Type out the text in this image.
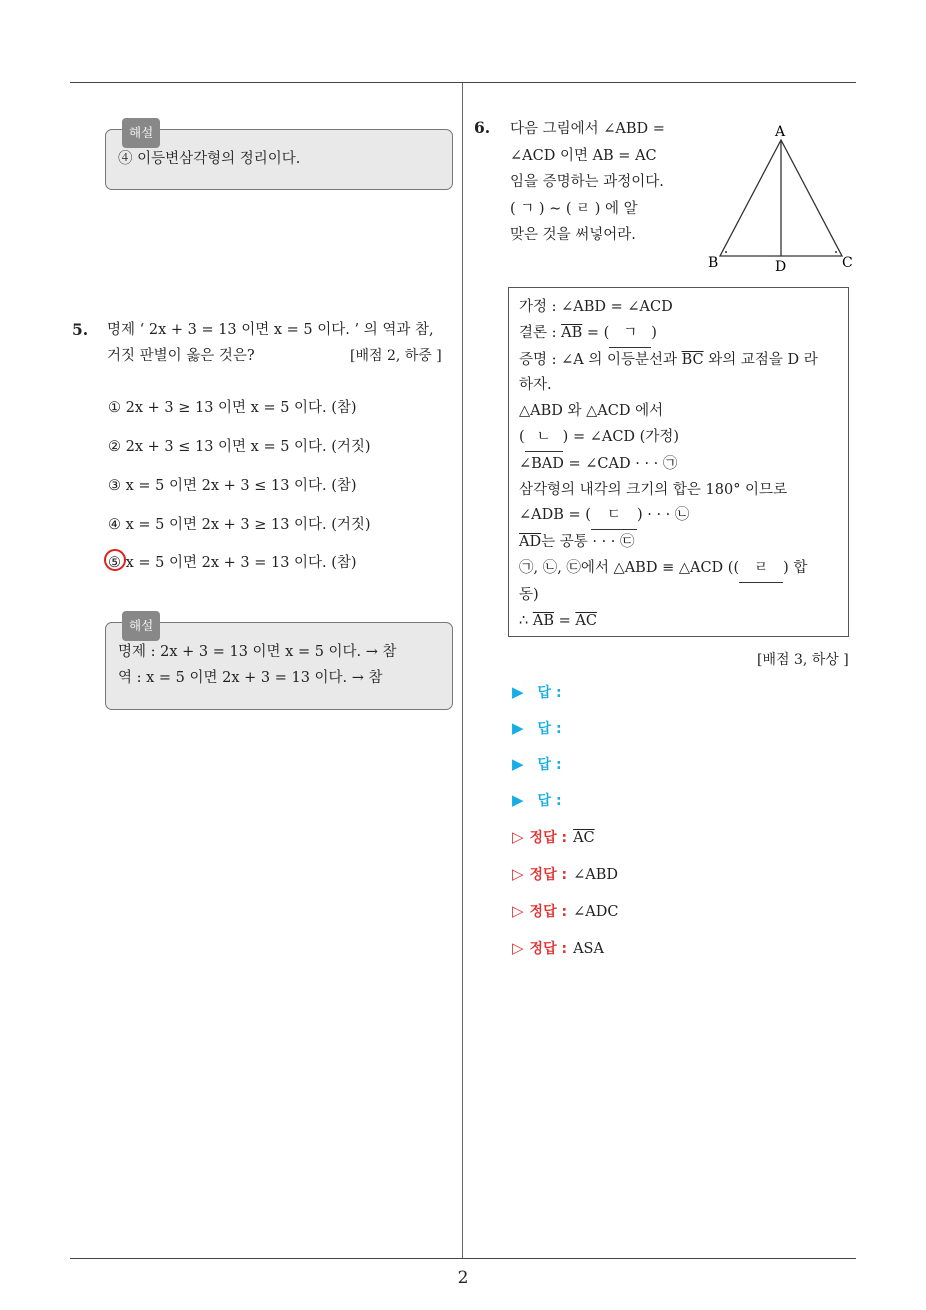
해설
④ 이등변삼각형의 정리이다.
5. 명제 ‘ 2x + 3 = 13 이면 x = 5 이다. ’ 의 역과 참,
거짓 판별이 옳은 것은?	[배점 2, 하중 ]
① 2x + 3 ≥ 13 이면 x = 5 이다. (참)
② 2x + 3 ≤ 13 이면 x = 5 이다. (거짓)
③ x = 5 이면 2x + 3 ≤ 13 이다. (참)
④ x = 5 이면 2x + 3 ≥ 13 이다. (거짓)
⑤ x = 5 이면 2x + 3 = 13 이다. (참)
해설
명제 : 2x + 3 = 13 이면 x = 5 이다. → 참
역 : x = 5 이면 2x + 3 = 13 이다. → 참
6. 다음 그림에서 ∠ABD =
∠ACD 이면 AB = AC
임을 증명하는 과정이다.
( ㄱ ) ∼ ( ㄹ ) 에 알
맞은 것을 써넣어라.
A
B	C
D
가정 : ∠ABD = ∠ACD
결론 : $\overline{AB}$ = ( ㄱ )
증명 : ∠A 의 이등분선과 $\overline{BC}$ 와의 교점을 D 라
하자.
△ABD 와 △ACD 에서
( ㄴ ) = ∠ACD (가정)
∠BAD = ∠CAD · · · ㉠
삼각형의 내각의 크기의 합은 180° 이므로
∠ADB = ( ㄷ ) · · · ㉡
$\overline{AD}$는 공통 · · · ㉢
㉠, ㉡, ㉢에서 △ABD ≡ △ACD (( ㄹ ) 합
동)
∴ $\overline{AB} = \overline{AC}$
[배점 3, 하상 ]
▶ 답 :
▶ 답 :
▶ 답 :
▶ 답 :
▷ 정답 : $\overline{AC}$
▷ 정답 : ∠ABD
▷ 정답 : ∠ADC
▷ 정답 : ASA
2
